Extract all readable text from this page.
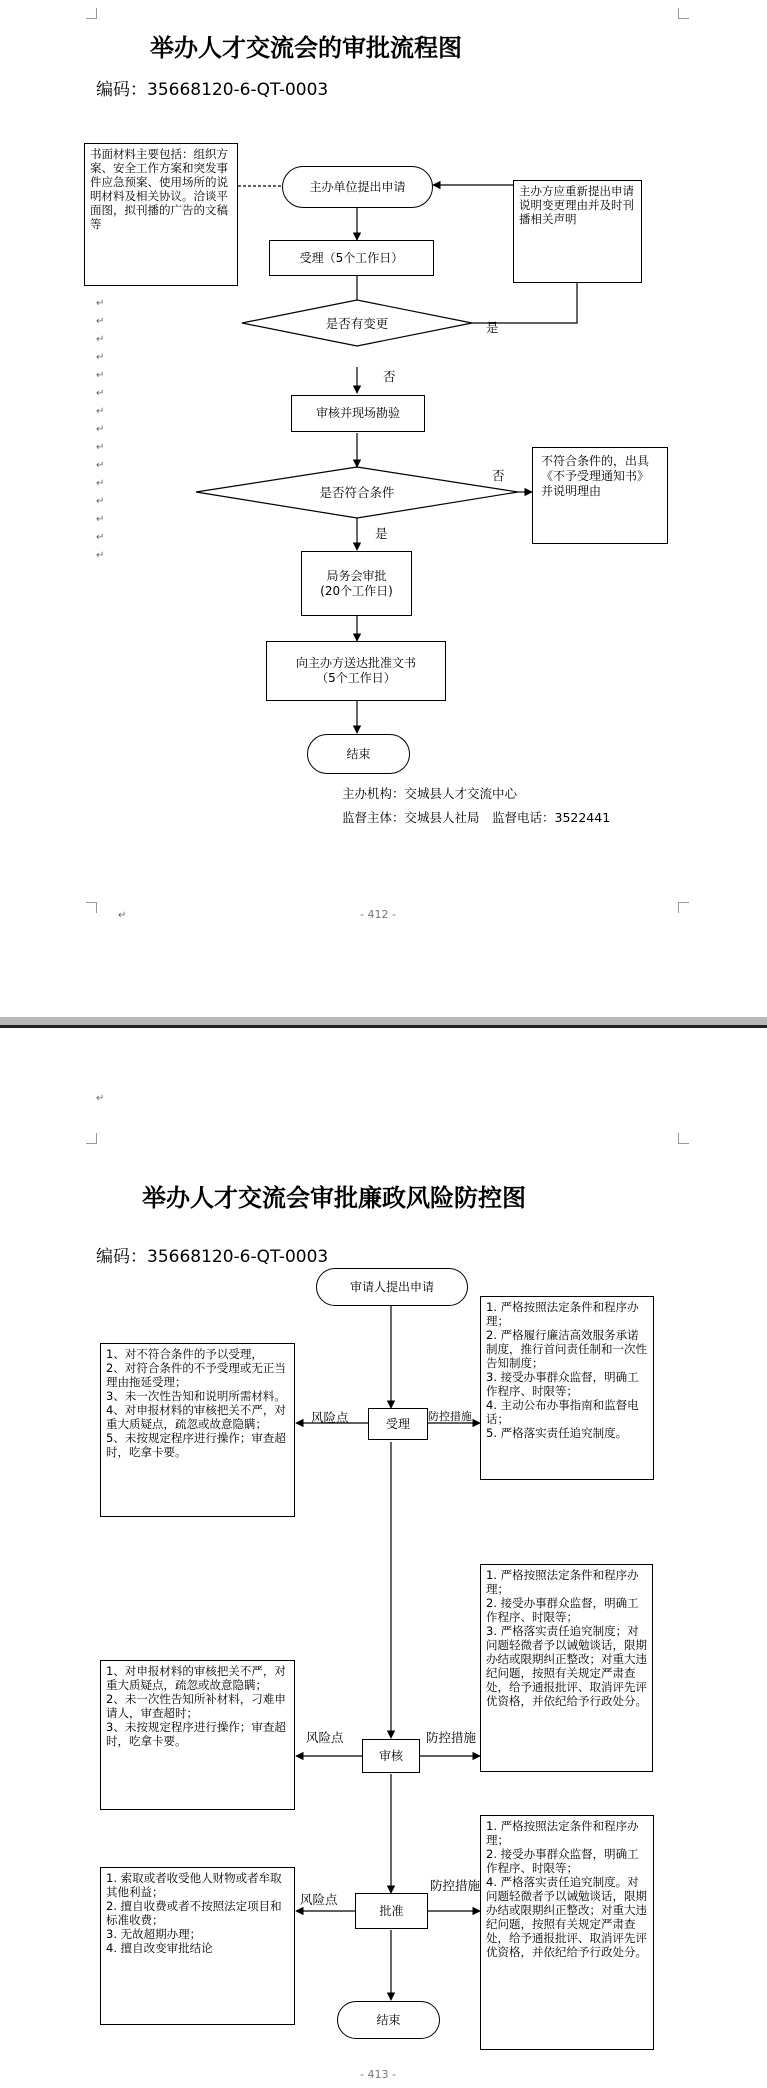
举办人才交流会的审批流程图
编码：35668120-6-QT-0003
↵
↵
↵
↵
↵
↵
↵
↵
↵
↵
↵
↵
↵
↵
↵
书面材料主要包括：组织方案、安全工作方案和突发事件应急预案、使用场所的说明材料及相关协议。洽谈平面图，拟刊播的广告的文稿等
主办方应重新提出申请说明变更理由并及时刊播相关声明
主办单位提出申请
受理（5个工作日）
是否有变更	是
否
审核并现场勘验
是否符合条件
否
是
不符合条件的，出具《不予受理通知书》并说明理由
局务会审批
(20个工作日)
向主办方送达批准文书
（5个工作日）
结束
主办机构：交城县人才交流中心
监督主体：交城县人社局　监督电话：3522441
- 412 -
↵
↵
举办人才交流会审批廉政风险防控图
编码：35668120-6-QT-0003
审请人提出申请
受理
风险点	防控措施
1、对不符合条件的予以受理，
2、对符合条件的不予受理或无正当理由拖延受理；
3、未一次性告知和说明所需材料。
4、对申报材料的审核把关不严，对重大质疑点，疏忽或故意隐瞒；
5、未按规定程序进行操作；审查超时，吃拿卡要。
1. 严格按照法定条件和程序办理；
2. 严格履行廉洁高效服务承诺制度，推行首问责任制和一次性告知制度；
3. 接受办事群众监督，明确工作程序、时限等；
4. 主动公布办事指南和监督电话；
5. 严格落实责任追究制度。
审核
风险点	防控措施
1、对申报材料的审核把关不严，对重大质疑点，疏忽或故意隐瞒；
2、未一次性告知所补材料，刁难申请人，审查超时；
3、未按规定程序进行操作；审查超时，吃拿卡要。
1. 严格按照法定条件和程序办理；
2. 接受办事群众监督，明确工作程序、时限等；
3. 严格落实责任追究制度；对问题轻微者予以诫勉谈话，限期办结或限期纠正整改；对重大违纪问题，按照有关规定严肃查处，给予通报批评、取消评先评优资格，并依纪给予行政处分。
批准
风险点
防控措施
1. 索取或者收受他人财物或者牟取其他利益；
2. 擅自收费或者不按照法定项目和标准收费；
3. 无故超期办理；
4. 擅自改变审批结论
1. 严格按照法定条件和程序办理；
2. 接受办事群众监督，明确工作程序、时限等；
4. 严格落实责任追究制度。对问题轻微者予以诫勉谈话，限期办结或限期纠正整改；对重大违纪问题，按照有关规定严肃查处，给予通报批评、取消评先评优资格，并依纪给予行政处分。
结束
- 413 -
